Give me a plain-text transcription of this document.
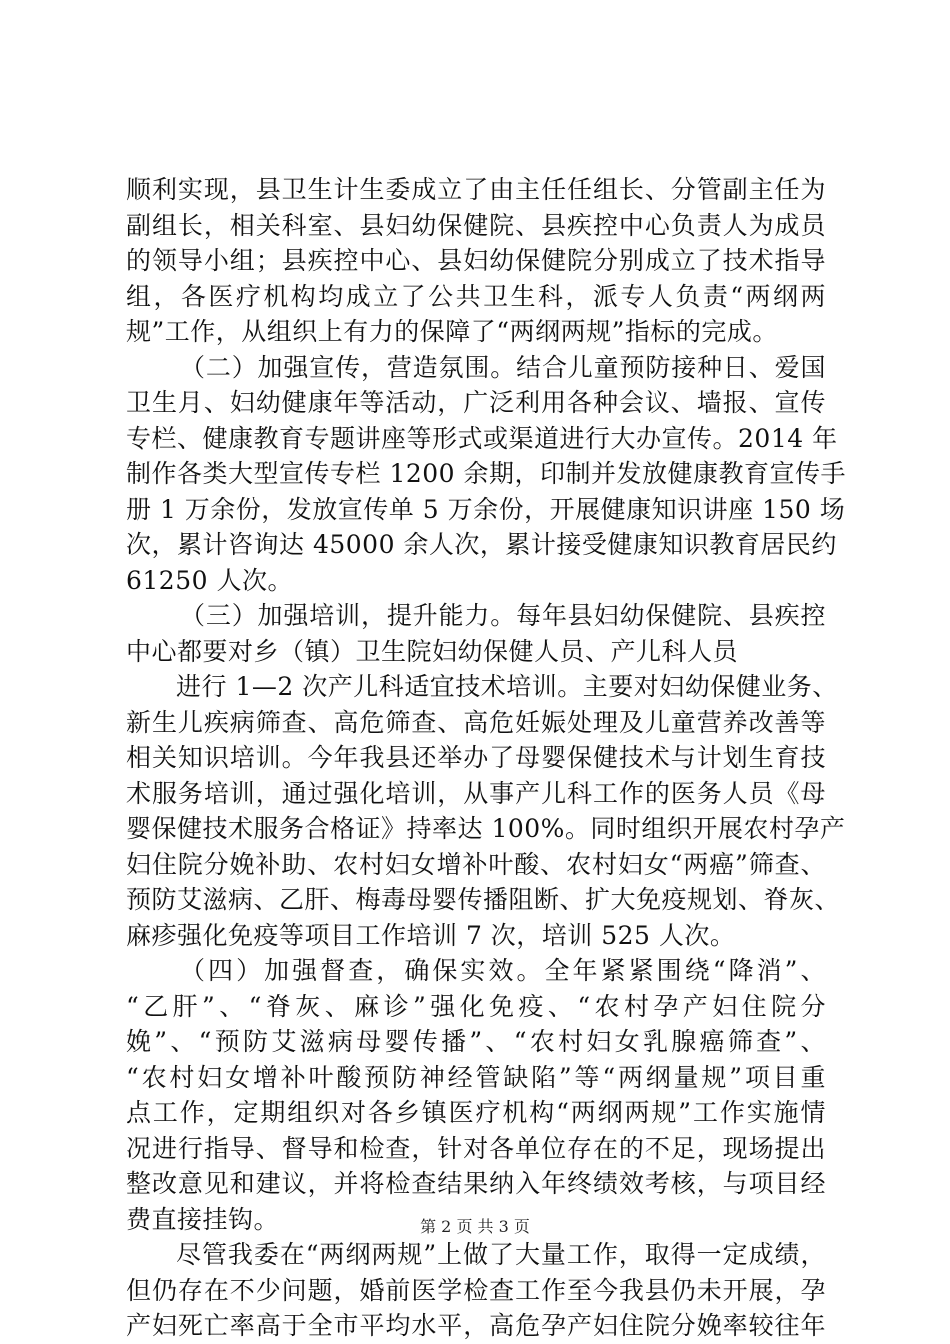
顺利实现，县卫生计生委成立了由主任任组长、分管副主任为
副组长，相关科室、县妇幼保健院、县疾控中心负责人为成员
的领导小组；县疾控中心、县妇幼保健院分别成立了技术指导
组，各医疗机构均成立了公共卫生科，派专人负责“两纲两
规”工作，从组织上有力的保障了“两纲两规”指标的完成。
（二）加强宣传，营造氛围。结合儿童预防接种日、爱国
卫生月、妇幼健康年等活动，广泛利用各种会议、墙报、宣传
专栏、健康教育专题讲座等形式或渠道进行大办宣传。2014 年
制作各类大型宣传专栏 1200 余期，印制并发放健康教育宣传手
册 1 万余份，发放宣传单 5 万余份，开展健康知识讲座 150 场
次，累计咨询达 45000 余人次，累计接受健康知识教育居民约
61250 人次。
（三）加强培训，提升能力。每年县妇幼保健院、县疾控
中心都要对乡（镇）卫生院妇幼保健人员、产儿科人员
进行 1—2 次产儿科适宜技术培训。主要对妇幼保健业务、
新生儿疾病筛查、高危筛查、高危妊娠处理及儿童营养改善等
相关知识培训。今年我县还举办了母婴保健技术与计划生育技
术服务培训，通过强化培训，从事产儿科工作的医务人员《母
婴保健技术服务合格证》持率达 100%。同时组织开展农村孕产
妇住院分娩补助、农村妇女增补叶酸、农村妇女“两癌”筛查、
预防艾滋病、乙肝、梅毒母婴传播阻断、扩大免疫规划、脊灰、
麻疹强化免疫等项目工作培训 7 次，培训 525 人次。
（四）加强督查，确保实效。全年紧紧围绕“降消”、
“乙肝”、“脊灰、麻诊”强化免疫、“农村孕产妇住院分
娩”、“预防艾滋病母婴传播”、“农村妇女乳腺癌筛查”、
“农村妇女增补叶酸预防神经管缺陷”等“两纲量规”项目重
点工作，定期组织对各乡镇医疗机构“两纲两规”工作实施情
况进行指导、督导和检查，针对各单位存在的不足，现场提出
整改意见和建议，并将检查结果纳入年终绩效考核，与项目经
费直接挂钩。
尽管我委在“两纲两规”上做了大量工作，取得一定成绩，
但仍存在不少问题，婚前医学检查工作至今我县仍未开展，孕
产妇死亡率高于全市平均水平，高危孕产妇住院分娩率较往年
第 2 页 共 3 页
